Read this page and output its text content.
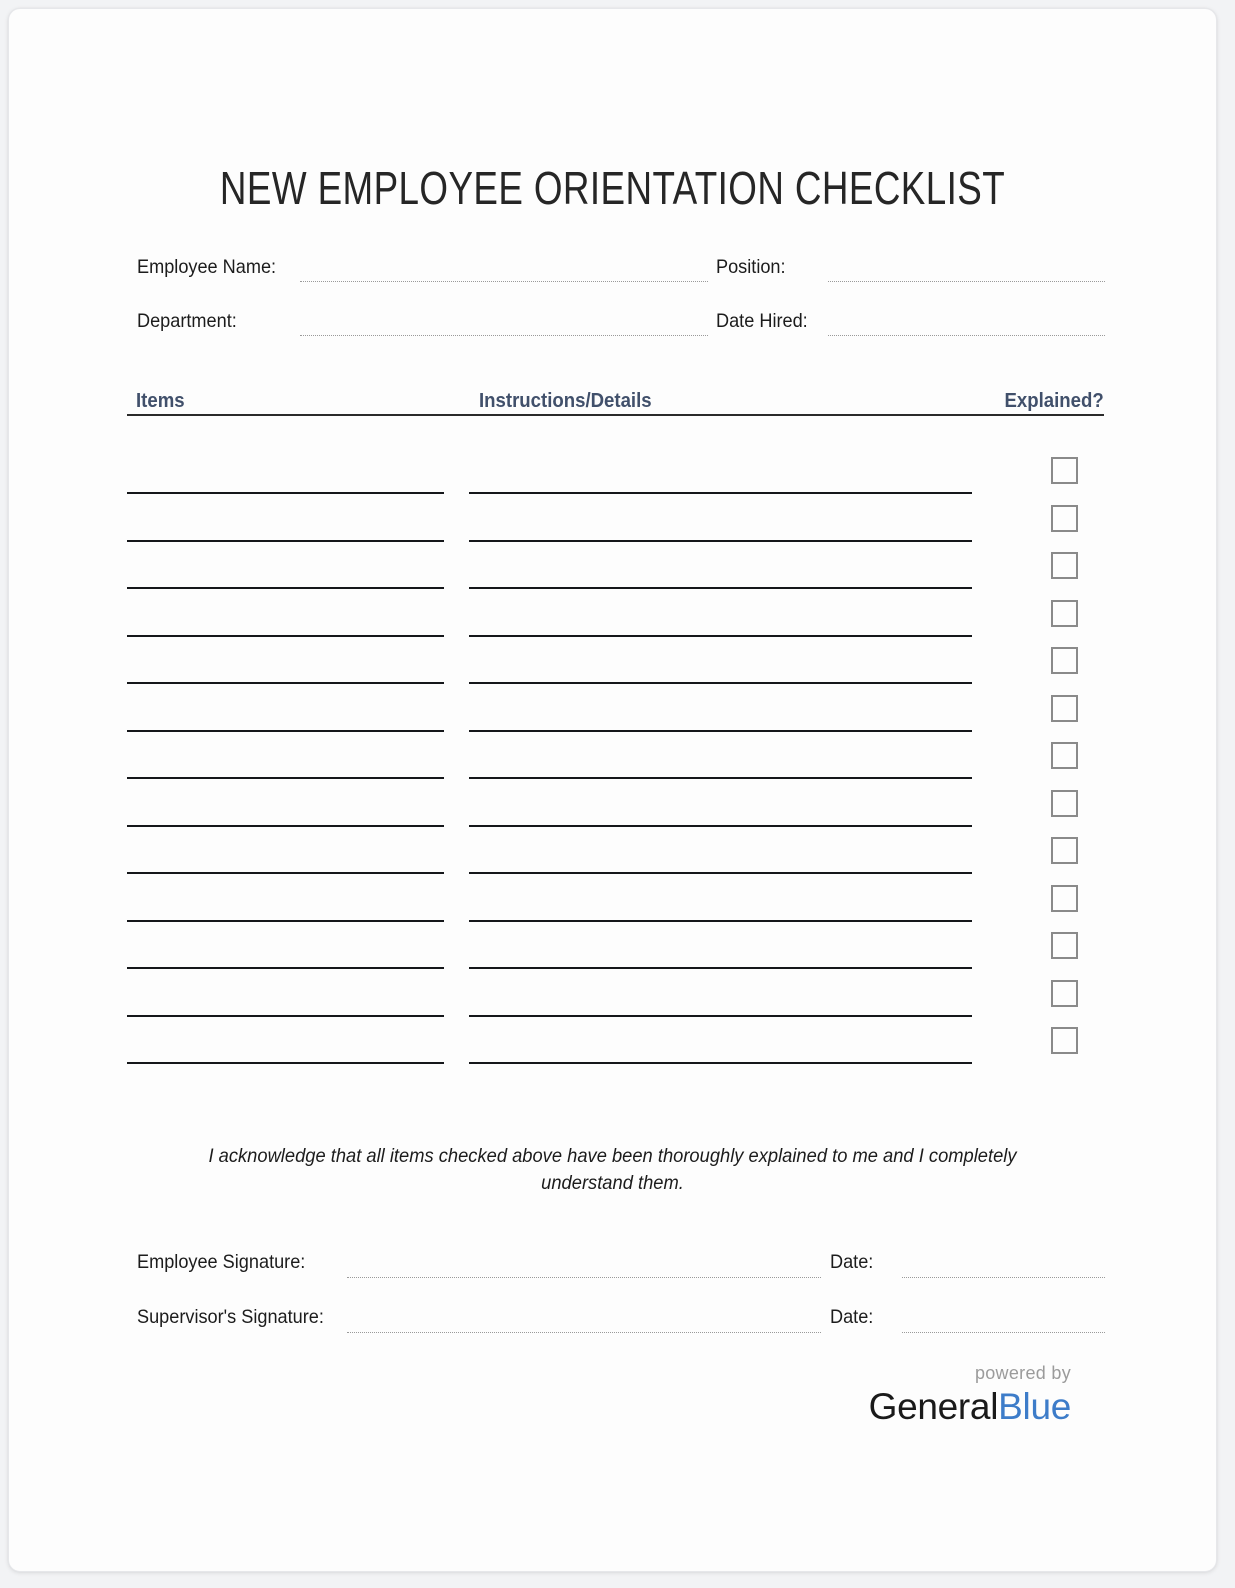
NEW EMPLOYEE ORIENTATION CHECKLIST
Employee Name:	Position:
Department:	Date Hired:
Items	Instructions/Details	Explained?
I acknowledge that all items checked above have been thoroughly explained to me and I completely understand them.
Employee Signature:	Date:
Supervisor's Signature:	Date:
powered by
GeneralBlue
